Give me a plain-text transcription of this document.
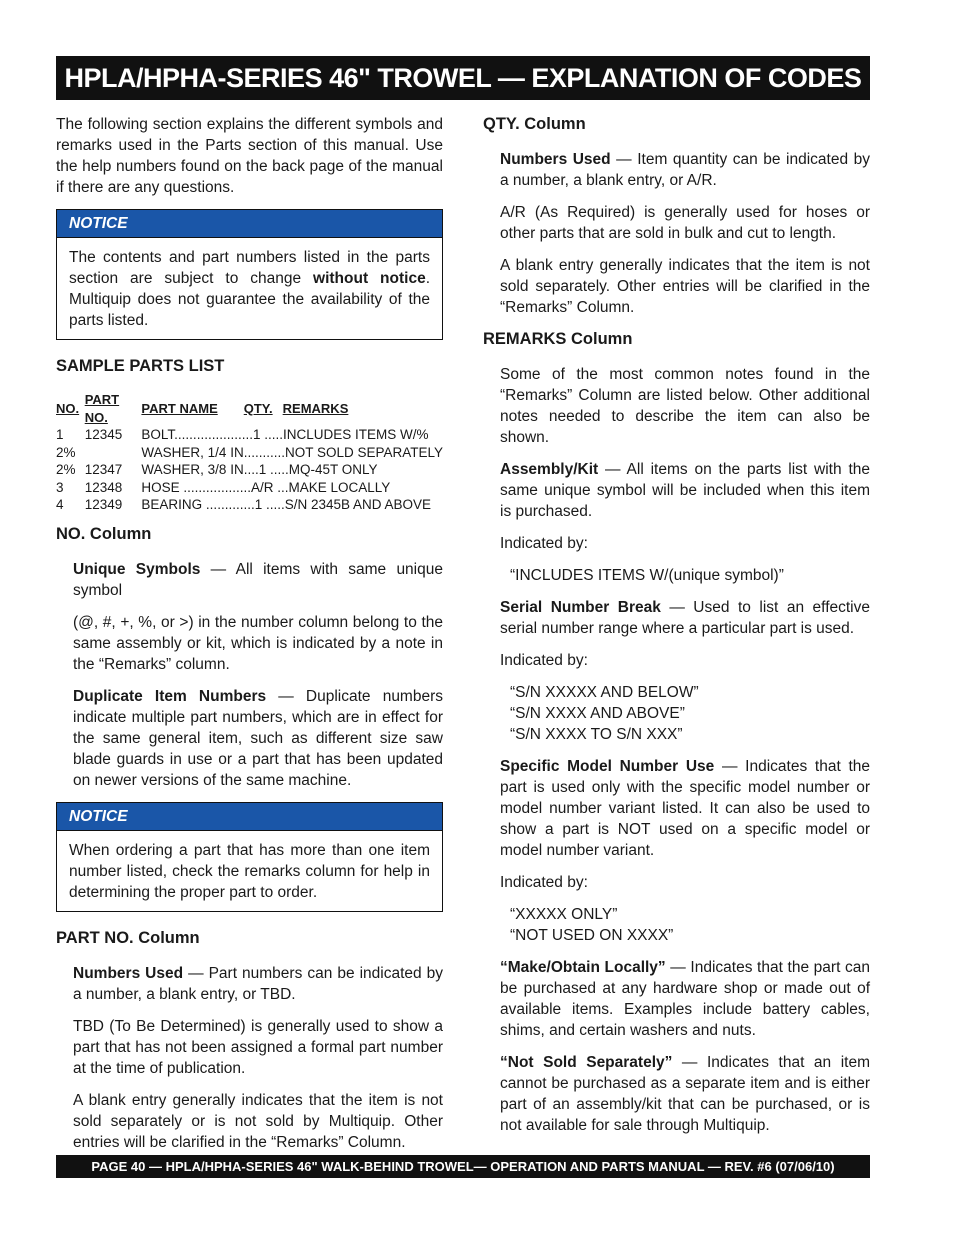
HPLA/HPHA-SERIES 46" TROWEL — EXPLANATION OF CODES

The following section explains the different symbols and remarks used in the Parts section of this manual. Use the help numbers found on the back page of the manual if there are any questions.

NOTICE

The contents and part numbers listed in the parts section are subject to change without notice. Multiquip does not guarantee the availability of the parts listed.

SAMPLE PARTS LIST
NO.	PART NO.	PART NAME QTY. REMARKS
1	12345	BOLT.....................1 .....INCLUDES ITEMS W/%
2%		WASHER, 1/4 IN...........NOT SOLD SEPARATELY
2%	12347	WASHER, 3/8 IN....1 .....MQ-45T ONLY
3	12348	HOSE ..................A/R ...MAKE LOCALLY
4	12349	BEARING .............1 .....S/N 2345B AND ABOVE
NO. Column

Unique Symbols — All items with same unique symbol

(@, #, +, %, or >) in the number column belong to the same assembly or kit, which is indicated by a note in the “Remarks” column.

Duplicate Item Numbers — Duplicate numbers indicate multiple part numbers, which are in effect for the same general item, such as different size saw blade guards in use or a part that has been updated on newer versions of the same machine.

NOTICE

When ordering a part that has more than one item number listed, check the remarks column for help in determining the proper part to order.

PART NO. Column

Numbers Used — Part numbers can be indicated by a number, a blank entry, or TBD.

TBD (To Be Determined) is generally used to show a part that has not been assigned a formal part number at the time of publication.

A blank entry generally indicates that the item is not sold separately or is not sold by Multiquip. Other entries will be clarified in the “Remarks” Column.

QTY. Column

Numbers Used — Item quantity can be indicated by a number, a blank entry, or A/R.

A/R (As Required) is generally used for hoses or other parts that are sold in bulk and cut to length.

A blank entry generally indicates that the item is not sold separately. Other entries will be clarified in the “Remarks” Column.

REMARKS Column

Some of the most common notes found in the “Remarks” Column are listed below. Other additional notes needed to describe the item can also be shown.

Assembly/Kit — All items on the parts list with the same unique symbol will be included when this item is purchased.

Indicated by:

“INCLUDES ITEMS W/(unique symbol)”

Serial Number Break — Used to list an effective serial number range where a particular part is used.

Indicated by:

“S/N XXXXX AND BELOW”

“S/N XXXX AND ABOVE”

“S/N XXXX TO S/N XXX”

Specific Model Number Use — Indicates that the part is used only with the specific model number or model number variant listed. It can also be used to show a part is NOT used on a specific model or model number variant.

Indicated by:

“XXXXX ONLY”

“NOT USED ON XXXX”

“Make/Obtain Locally” — Indicates that the part can be purchased at any hardware shop or made out of available items. Examples include battery cables, shims, and certain washers and nuts.

“Not Sold Separately” — Indicates that an item cannot be purchased as a separate item and is either part of an assembly/kit that can be purchased, or is not available for sale through Multiquip.

PAGE 40 — HPLA/HPHA-SERIES 46" WALK-BEHIND TROWEL— OPERATION AND PARTS MANUAL — REV. #6 (07/06/10)
